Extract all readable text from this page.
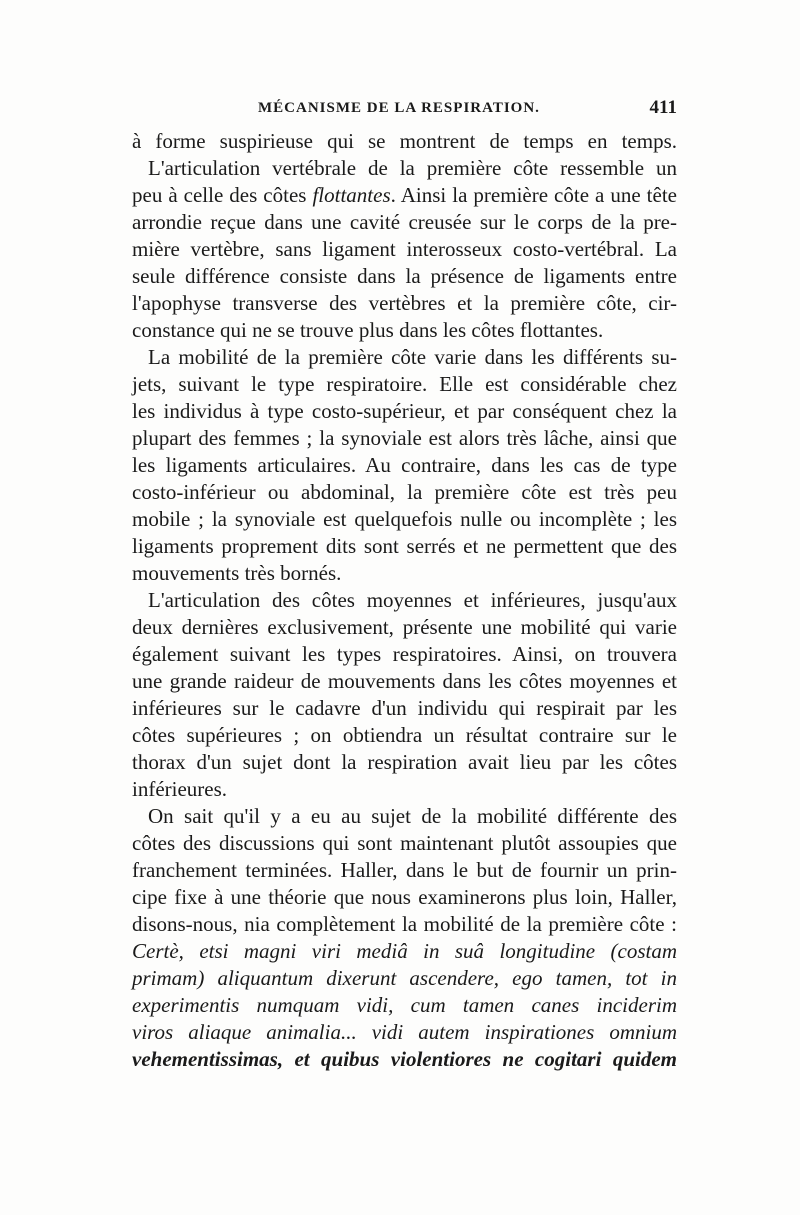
MÉCANISME DE LA RESPIRATION.	411
à forme suspirieuse qui se montrent de temps en temps.
L'articulation vertébrale de la première côte ressemble un
peu à celle des côtes flottantes. Ainsi la première côte a une tête
arrondie reçue dans une cavité creusée sur le corps de la pre-
mière vertèbre, sans ligament interosseux costo-vertébral. La
seule différence consiste dans la présence de ligaments entre
l'apophyse transverse des vertèbres et la première côte, cir-
constance qui ne se trouve plus dans les côtes flottantes.
La mobilité de la première côte varie dans les différents su-
jets, suivant le type respiratoire. Elle est considérable chez
les individus à type costo-supérieur, et par conséquent chez la
plupart des femmes ; la synoviale est alors très lâche, ainsi que
les ligaments articulaires. Au contraire, dans les cas de type
costo-inférieur ou abdominal, la première côte est très peu
mobile ; la synoviale est quelquefois nulle ou incomplète ; les
ligaments proprement dits sont serrés et ne permettent que des
mouvements très bornés.
L'articulation des côtes moyennes et inférieures, jusqu'aux
deux dernières exclusivement, présente une mobilité qui varie
également suivant les types respiratoires. Ainsi, on trouvera
une grande raideur de mouvements dans les côtes moyennes et
inférieures sur le cadavre d'un individu qui respirait par les
côtes supérieures ; on obtiendra un résultat contraire sur le
thorax d'un sujet dont la respiration avait lieu par les côtes
inférieures.
On sait qu'il y a eu au sujet de la mobilité différente des
côtes des discussions qui sont maintenant plutôt assoupies que
franchement terminées. Haller, dans le but de fournir un prin-
cipe fixe à une théorie que nous examinerons plus loin, Haller,
disons-nous, nia complètement la mobilité de la première côte :
Certè, etsi magni viri mediâ in suâ longitudine (costam
primam) aliquantum dixerunt ascendere, ego tamen, tot in
experimentis numquam vidi, cum tamen canes inciderim
viros aliaque animalia... vidi autem inspirationes omnium
vehementissimas, et quibus violentiores ne cogitari quidem
